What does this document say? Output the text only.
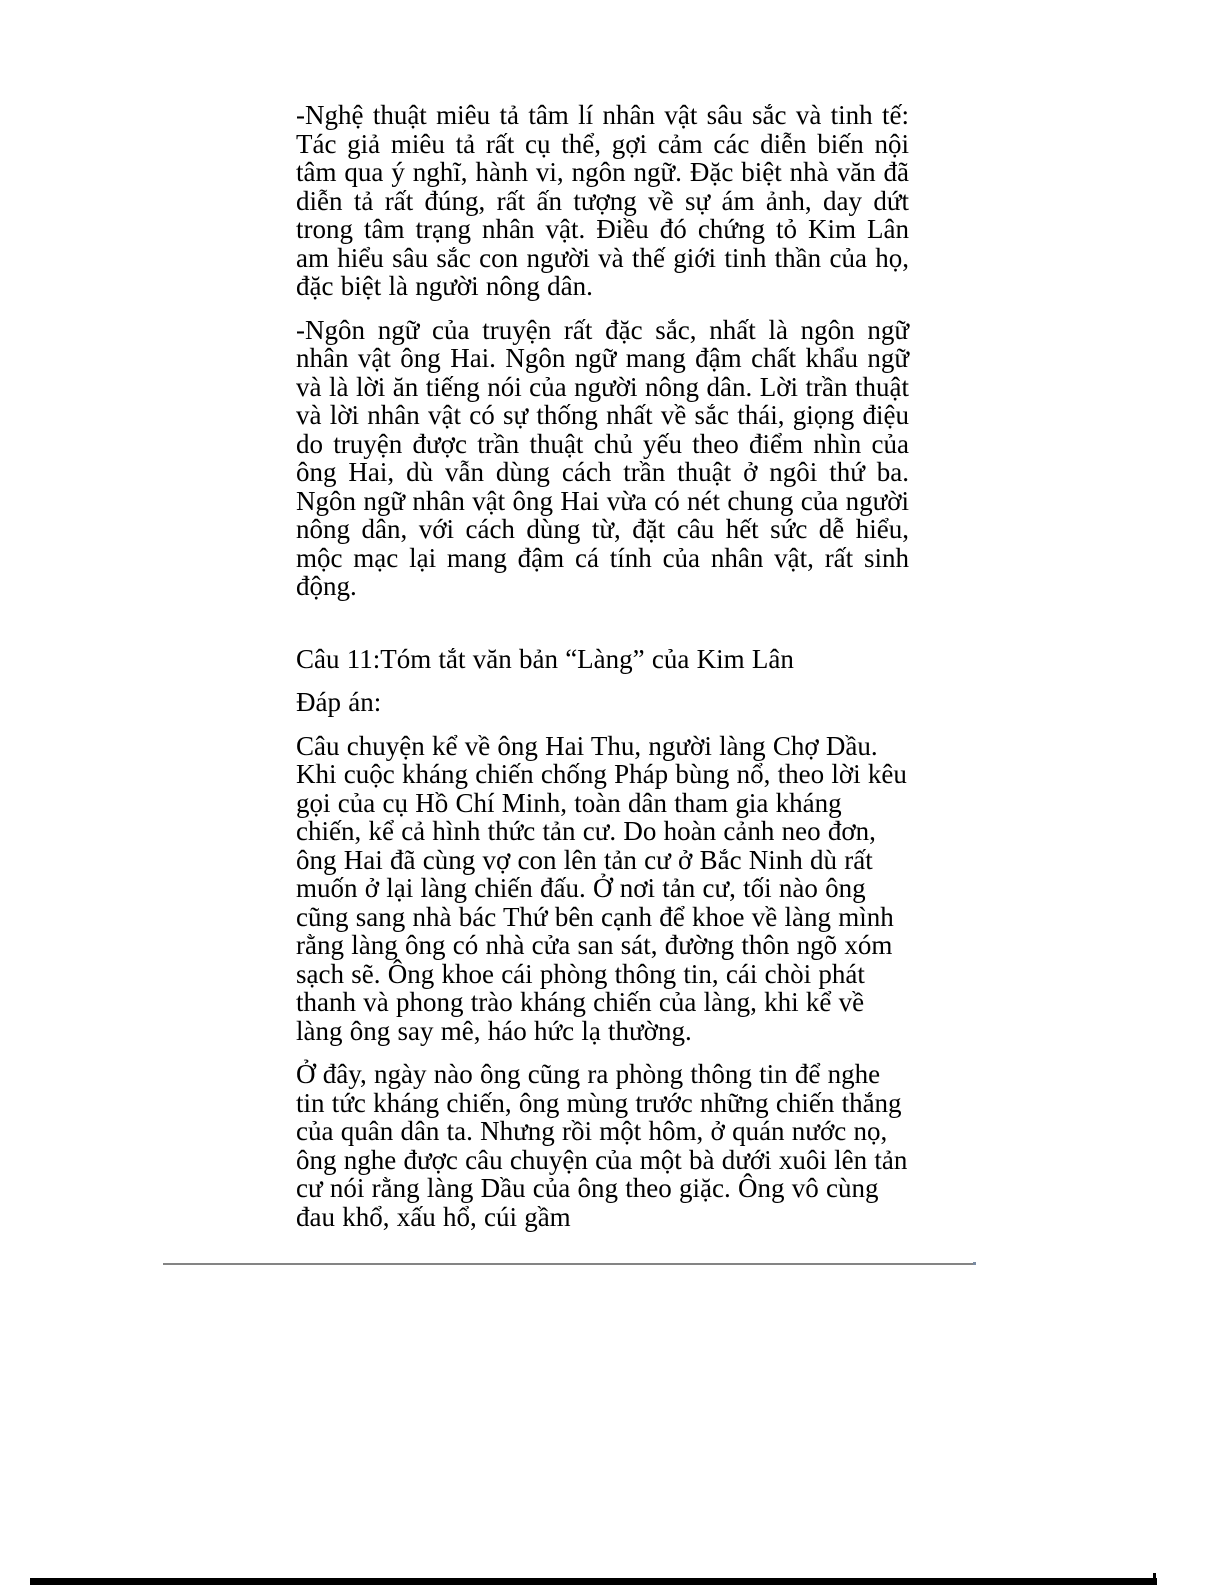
-Nghệ thuật miêu tả tâm lí nhân vật sâu sắc và tinh tế: Tác giả miêu tả rất cụ thể, gợi cảm các diễn biến nội tâm qua ý nghĩ, hành vi, ngôn ngữ. Đặc biệt nhà văn đã diễn tả rất đúng, rất ấn tượng về sự ám ảnh, day dứt trong tâm trạng nhân vật. Điều đó chứng tỏ Kim Lân am hiểu sâu sắc con người và thế giới tinh thần của họ, đặc biệt là người nông dân.

-Ngôn ngữ của truyện rất đặc sắc, nhất là ngôn ngữ nhân vật ông Hai. Ngôn ngữ mang đậm chất khẩu ngữ và là lời ăn tiếng nói của người nông dân. Lời trần thuật và lời nhân vật có sự thống nhất về sắc thái, giọng điệu do truyện được trần thuật chủ yếu theo điểm nhìn của ông Hai, dù vẫn dùng cách trần thuật ở ngôi thứ ba. Ngôn ngữ nhân vật ông Hai vừa có nét chung của người nông dân, với cách dùng từ, đặt câu hết sức dễ hiểu, mộc mạc lại mang đậm cá tính của nhân vật, rất sinh động.

Câu 11:Tóm tắt văn bản “Làng” của Kim Lân

Đáp án:

Câu chuyện kể về ông Hai Thu, người làng Chợ Dầu. Khi cuộc kháng chiến chống Pháp bùng nổ, theo lời kêu gọi của cụ Hồ Chí Minh, toàn dân tham gia kháng chiến, kể cả hình thức tản cư. Do hoàn cảnh neo đơn, ông Hai đã cùng vợ con lên tản cư ở Bắc Ninh dù rất muốn ở lại làng chiến đấu. Ở nơi tản cư, tối nào ông cũng sang nhà bác Thứ bên cạnh để khoe về làng mình rằng làng ông có nhà cửa san sát, đường thôn ngõ xóm sạch sẽ. Ông khoe cái phòng thông tin, cái chòi phát thanh và phong trào kháng chiến của làng, khi kể về làng ông say mê, háo hức lạ thường.

Ở đây, ngày nào ông cũng ra phòng thông tin để nghe tin tức kháng chiến, ông mùng trước những chiến thắng của quân dân ta. Nhưng rồi một hôm, ở quán nước nọ, ông nghe được câu chuyện của một bà dưới xuôi lên tản cư nói rằng làng Dầu của ông theo giặc. Ông vô cùng đau khổ, xấu hổ, cúi gầm
